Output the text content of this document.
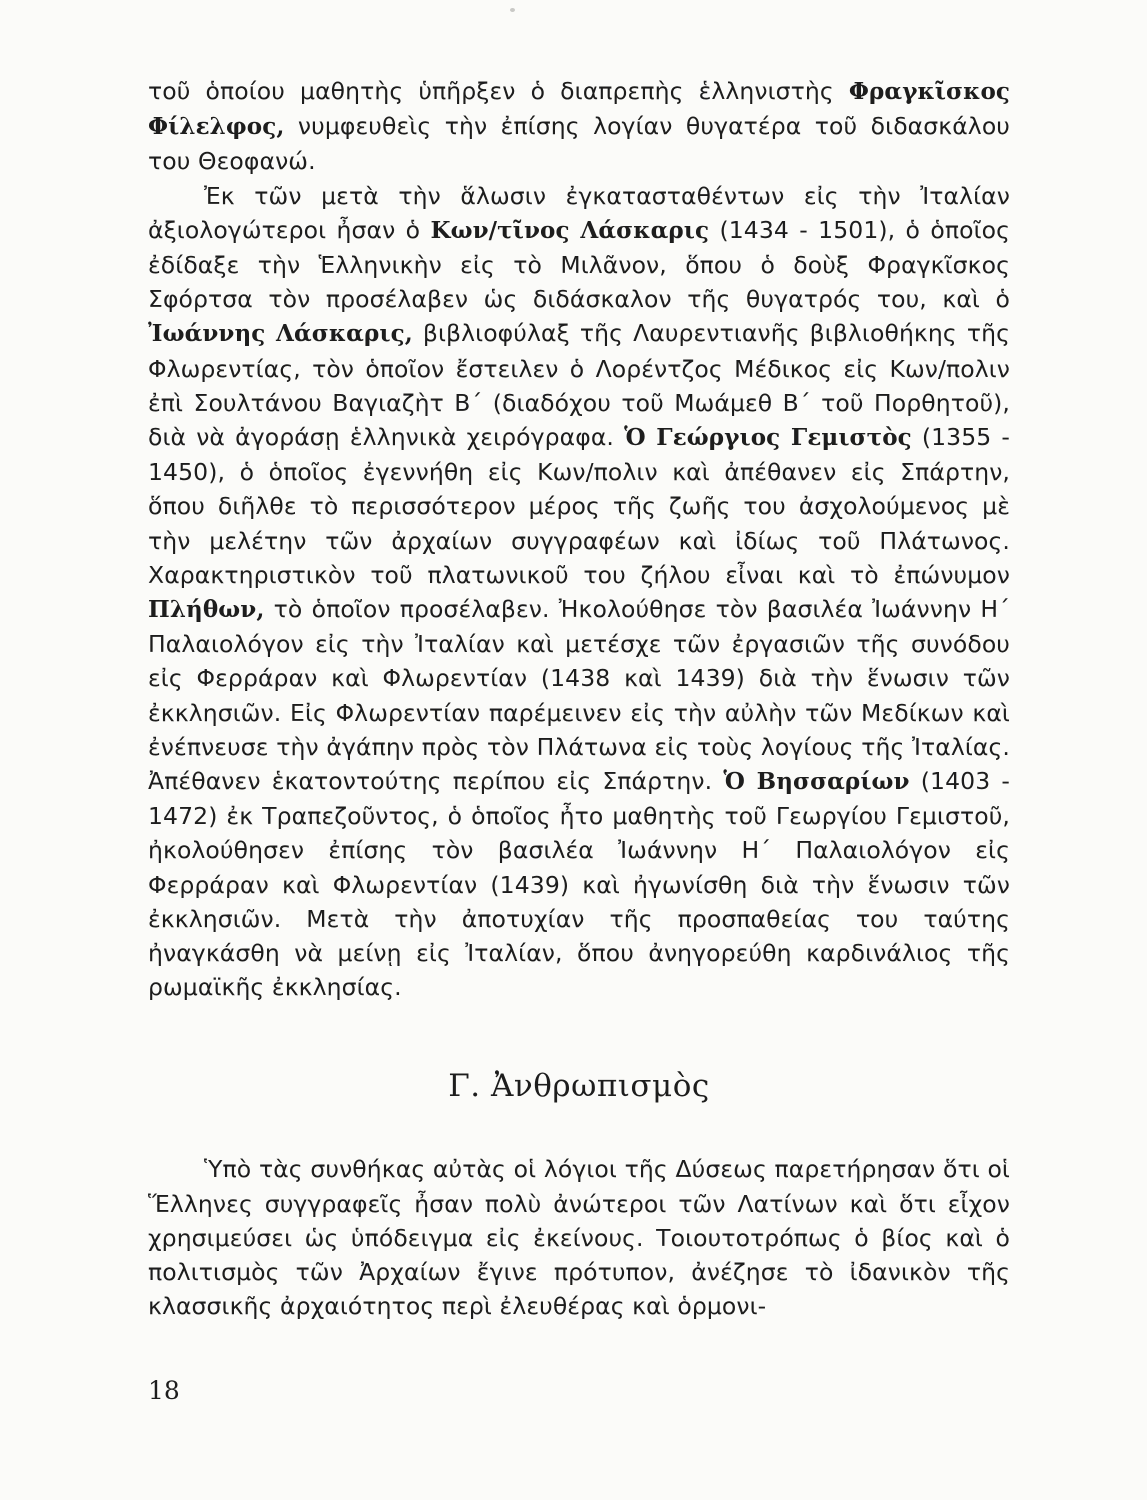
τοῦ ὁποίου μαθητὴς ὑπῆρξεν ὁ διαπρεπὴς ἑλληνιστὴς Φραγκῖσκος Φίλελφος, νυμφευθεὶς τὴν ἐπίσης λογίαν θυγατέρα τοῦ διδασκάλου του Θεοφανώ.

Ἐκ τῶν μετὰ τὴν ἅλωσιν ἐγκατασταθέντων εἰς τὴν Ἰταλίαν ἀξιολογώτεροι ἦσαν ὁ Κων/τῖνος Λάσκαρις (1434 - 1501), ὁ ὁποῖος ἐδίδαξε τὴν Ἑλληνικὴν εἰς τὸ Μιλᾶνον, ὅπου ὁ δοὺξ Φραγκῖσκος Σφόρτσα τὸν προσέλαβεν ὡς διδάσκαλον τῆς θυγατρός του, καὶ ὁ Ἰωάννης Λάσκαρις, βιβλιοφύλαξ τῆς Λαυρεντιανῆς βιβλιοθήκης τῆς Φλωρεντίας, τὸν ὁποῖον ἔστειλεν ὁ Λορέντζος Μέδικος εἰς Κων/πολιν ἐπὶ Σουλτάνου Βαγιαζὴτ Β΄ (διαδόχου τοῦ Μωάμεθ Β΄ τοῦ Πορθητοῦ), διὰ νὰ ἀγοράσῃ ἑλληνικὰ χειρόγραφα. Ὁ Γεώργιος Γεμιστὸς (1355 - 1450), ὁ ὁποῖος ἐγεννήθη εἰς Κων/πολιν καὶ ἀπέθανεν εἰς Σπάρτην, ὅπου διῆλθε τὸ περισσότερον μέρος τῆς ζωῆς του ἀσχολούμενος μὲ τὴν μελέτην τῶν ἀρχαίων συγγραφέων καὶ ἰδίως τοῦ Πλάτωνος. Χαρακτηριστικὸν τοῦ πλατωνικοῦ του ζήλου εἶναι καὶ τὸ ἐπώνυμον Πλήθων, τὸ ὁποῖον προσέλαβεν. Ἠκολούθησε τὸν βασιλέα Ἰωάννην Η΄ Παλαιολόγον εἰς τὴν Ἰταλίαν καὶ μετέσχε τῶν ἐργασιῶν τῆς συνόδου εἰς Φερράραν καὶ Φλωρεντίαν (1438 καὶ 1439) διὰ τὴν ἕνωσιν τῶν ἐκκλησιῶν. Εἰς Φλωρεντίαν παρέμεινεν εἰς τὴν αὐλὴν τῶν Μεδίκων καὶ ἐνέπνευσε τὴν ἀγάπην πρὸς τὸν Πλάτωνα εἰς τοὺς λογίους τῆς Ἰταλίας. Ἀπέθανεν ἑκατοντούτης περίπου εἰς Σπάρτην. Ὁ Βησσαρίων (1403 - 1472) ἐκ Τραπεζοῦντος, ὁ ὁποῖος ἦτο μαθητὴς τοῦ Γεωργίου Γεμιστοῦ, ἠκολούθησεν ἐπίσης τὸν βασιλέα Ἰωάννην Η΄ Παλαιολόγον εἰς Φερράραν καὶ Φλωρεντίαν (1439) καὶ ἠγωνίσθη διὰ τὴν ἕνωσιν τῶν ἐκκλησιῶν. Μετὰ τὴν ἀποτυχίαν τῆς προσπαθείας του ταύτης ἠναγκάσθη νὰ μείνῃ εἰς Ἰταλίαν, ὅπου ἀνηγορεύθη καρδινάλιος τῆς ρωμαϊκῆς ἐκκλησίας.

Γ. Ἀνθρωπισμὸς

Ὑπὸ τὰς συνθήκας αὐτὰς οἱ λόγιοι τῆς Δύσεως παρετήρησαν ὅτι οἱ Ἕλληνες συγγραφεῖς ἦσαν πολὺ ἀνώτεροι τῶν Λατίνων καὶ ὅτι εἶχον χρησιμεύσει ὡς ὑπόδειγμα εἰς ἐκείνους. Τοιουτοτρόπως ὁ βίος καὶ ὁ πολιτισμὸς τῶν Ἀρχαίων ἔγινε πρότυπον, ἀνέζησε τὸ ἰδανικὸν τῆς κλασσικῆς ἀρχαιότητος περὶ ἐλευθέρας καὶ ὁρμονι-

18
